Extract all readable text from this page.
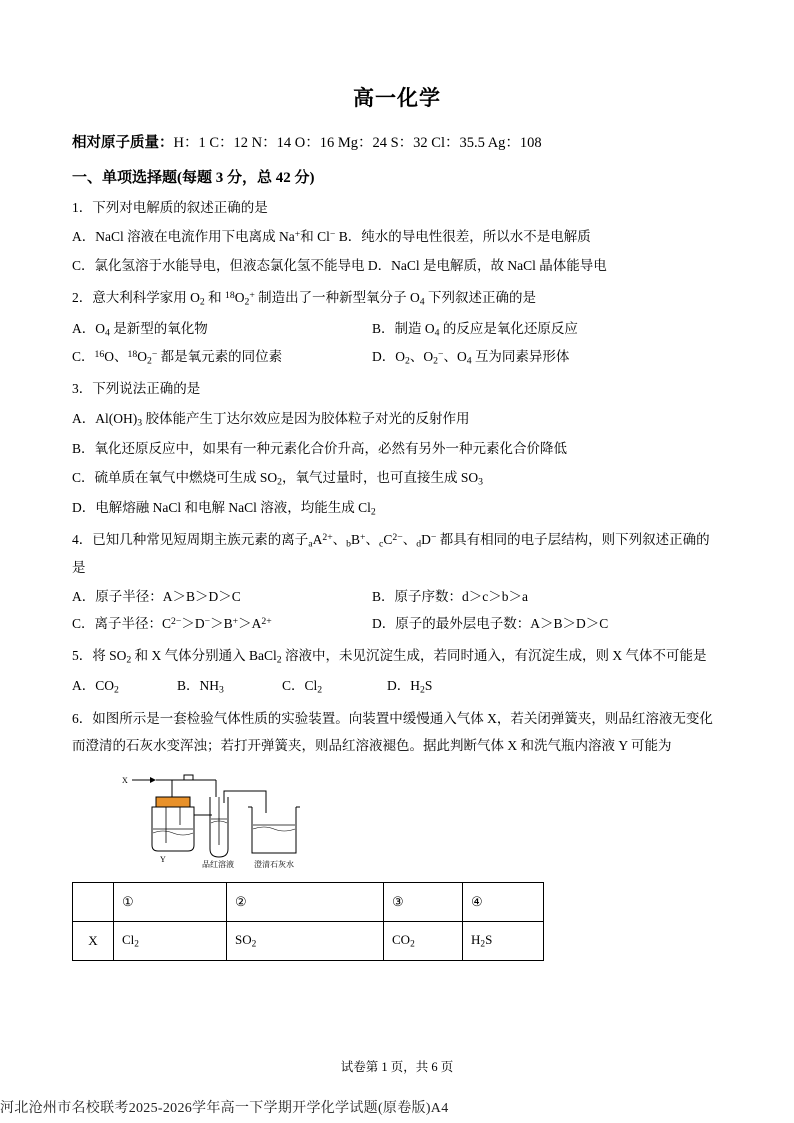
高一化学
相对原子质量：H：1 C：12 N：14 O：16 Mg：24 S：32 Cl：35.5 Ag：108
一、单项选择题(每题 3 分，总 42 分)
1．下列对电解质的叙述正确的是
A．NaCl 溶液在电流作用下电离成 Na+和 Cl− B．纯水的导电性很差，所以水不是电解质
C．氯化氢溶于水能导电，但液态氯化氢不能导电 D．NaCl 是电解质，故 NaCl 晶体能导电
2．意大利科学家用 $O_2$ 和 $^{18}O_2^+$ 制造出了一种新型氧分子 $O_4$ 下列叙述正确的是
A．$O_4$ 是新型的氧化物	B．制造 $O_4$ 的反应是氧化还原反应
C．$^{16}$O、$^{18}O_2^-$ 都是氧元素的同位素	D．$O_2$、$O_2^-$、$O_4$ 互为同素异形体
3．下列说法正确的是
A．$Al(OH)_3$ 胶体能产生丁达尔效应是因为胶体粒子对光的反射作用
B．氧化还原反应中，如果有一种元素化合价升高，必然有另外一种元素化合价降低
C．硫单质在氧气中燃烧可生成 $SO_2$，氧气过量时，也可直接生成 $SO_3$
D．电解熔融 NaCl 和电解 NaCl 溶液，均能生成 $Cl_2$
4．已知几种常见短周期主族元素的离子$_aA^{2+}$、$_b$B+、$_cC^{2-}$、$_d$D− 都具有相同的电子层结构，则下列叙述正确的是
A．原子半径：A＞B＞D＞C	B．原子序数：d＞c＞b＞a
C．离子半径：$C^{2-}>D^->B^+>A^{2+}$	D．原子的最外层电子数：A＞B＞D＞C
5．将 $SO_2$ 和 X 气体分别通入 BaCl$_2$ 溶液中，未见沉淀生成，若同时通入，有沉淀生成，则 X 气体不可能是
A．$CO_2$	B．$NH_3$	C．$Cl_2$	D．$H_2S$
6．如图所示是一套检验气体性质的实验装置。向装置中缓慢通入气体 X，若关闭弹簧夹，则品红溶液无变化而澄清的石灰水变浑浊；若打开弹簧夹，则品红溶液褪色。据此判断气体 X 和洗气瓶内溶液 Y 可能为
X
Y
品红溶液	澄清石灰水
	①	②	③	④
X	$Cl_2$	$SO_2$	$CO_2$	$H_2S$
试卷第 1 页，共 6 页
河北沧州市名校联考2025-2026学年高一下学期开学化学试题(原卷版)A4
